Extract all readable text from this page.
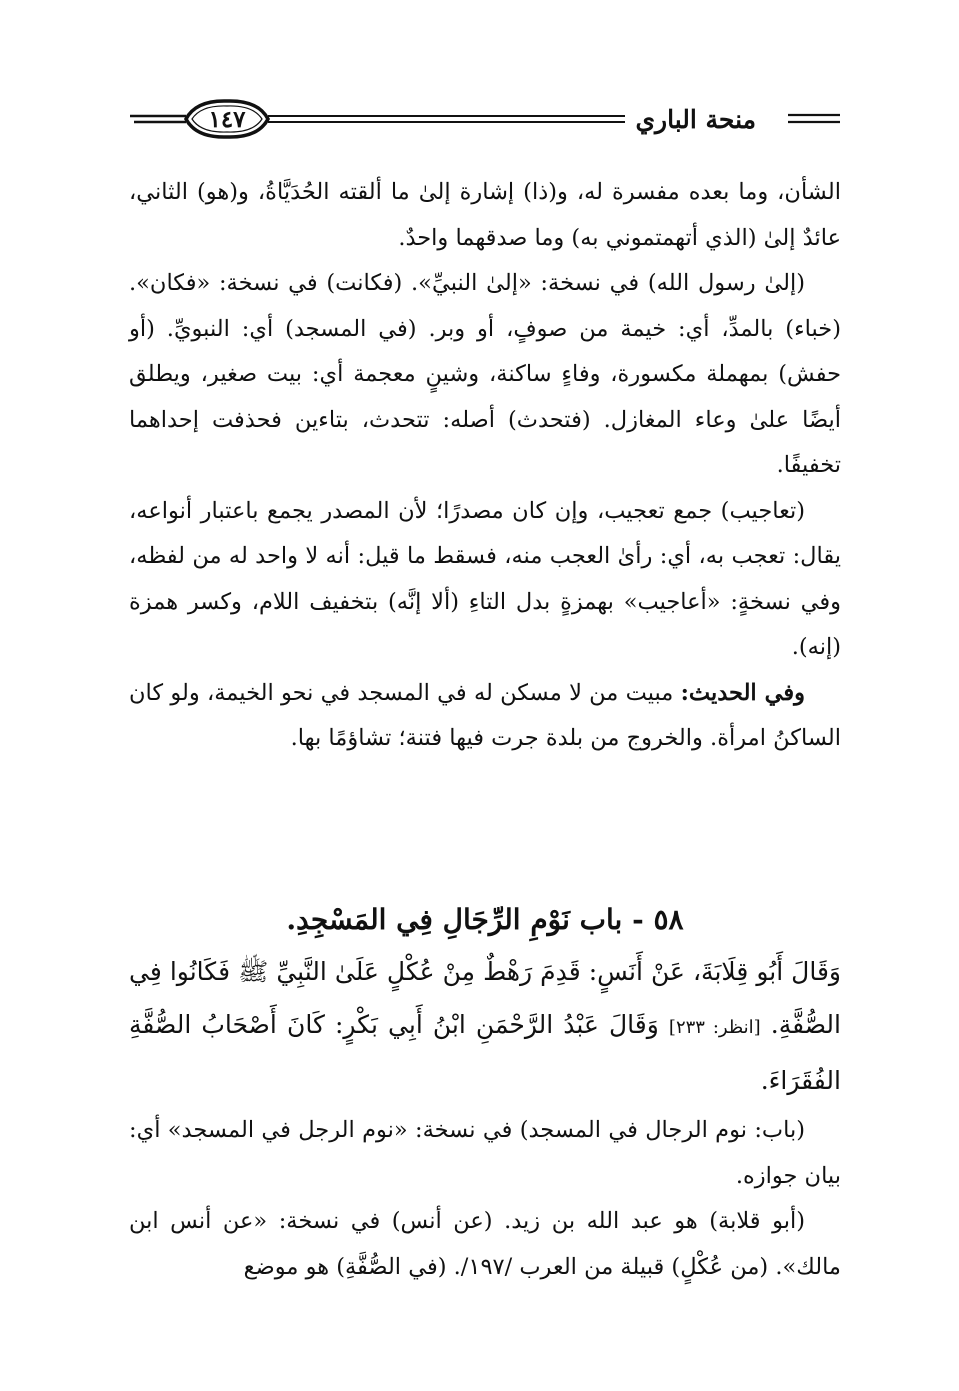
منحة الباري
١٤٧

الشأن، وما بعده مفسرة له، و(ذا) إشارة إلىٰ ما ألقته الحُدَيَّاةُ، و(هو) الثاني، عائدٌ إلىٰ (الذي أتهمتموني به) وما صدقهما واحدٌ.

(إلىٰ رسول الله) في نسخة: «إلىٰ النبيِّ». (فكانت) في نسخة: «فكان». (خباء) بالمدِّ، أي: خيمة من صوفٍ، أو وبر. (في المسجد) أي: النبويِّ. (أو حفش) بمهملة مكسورة، وفاءٍ ساكنة، وشينٍ معجمة أي: بيت صغير، ويطلق أيضًا علىٰ وعاء المغازل. (فتحدث) أصله: تتحدث، بتاءين فحذفت إحداهما تخفيفًا.

(تعاجيب) جمع تعجيب، وإن كان مصدرًا؛ لأن المصدر يجمع باعتبار أنواعه، يقال: تعجب به، أي: رأىٰ العجب منه، فسقط ما قيل: أنه لا واحد له من لفظه، وفي نسخةٍ: «أعاجيب» بهمزةٍ بدل التاءِ (ألا إنَّه) بتخفيف اللام، وكسر همزة (إنه).

وفي الحديث: مبيت من لا مسكن له في المسجد في نحو الخيمة، ولو كان الساكنُ امرأة. والخروج من بلدة جرت فيها فتنة؛ تشاؤمًا بها.

٥٨ - باب نَوْمِ الرِّجَالِ فِي المَسْجِدِ.

وَقَالَ أَبُو قِلَابَةَ، عَنْ أَنَسٍ: قَدِمَ رَهْطٌ مِنْ عُكْلٍ عَلَىٰ النَّبِيِّ ﷺ فَكَانُوا فِي الصُّفَّةِ. [انظر: ٢٣٣] وَقَالَ عَبْدُ الرَّحْمَنِ ابْنُ أَبِي بَكْرٍ: كَانَ أَصْحَابُ الصُّفَّةِ الفُقَرَاءَ.

(باب: نوم الرجال في المسجد) في نسخة: «نوم الرجل في المسجد» أي: بيان جوازه.

(أبو قلابة) هو عبد الله بن زيد. (عن أنس) في نسخة: «عن أنس ابن مالك». (من عُكْلٍ) قبيلة من العرب /١٩٧/. (في الصُّفَّةِ) هو موضع
